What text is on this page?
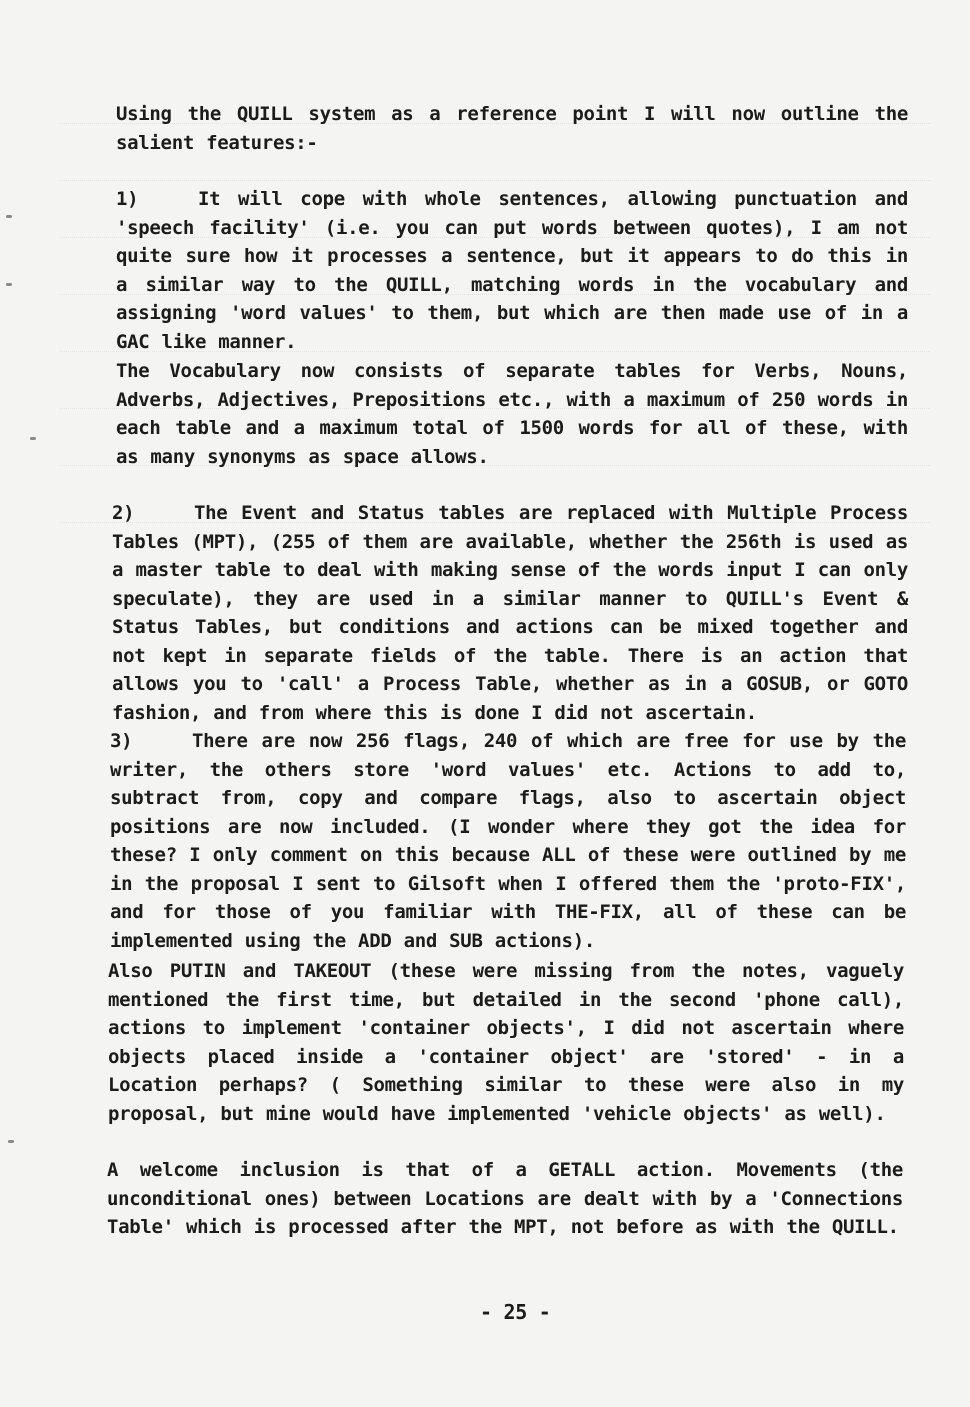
Using the QUILL system as a reference point I will now outline the salient features:-
1)	It will cope with whole sentences, allowing punctuation and 'speech facility' (i.e. you can put words between quotes), I am not quite sure how it processes a sentence, but it appears to do this in a similar way to the QUILL, matching words in the vocabulary and assigning 'word values' to them, but which are then made use of in a GAC like manner.
The Vocabulary now consists of separate tables for Verbs, Nouns, Adverbs, Adjectives, Prepositions etc., with a maximum of 250 words in each table and a maximum total of 1500 words for all of these, with as many synonyms as space allows.
2)	The Event and Status tables are replaced with Multiple Process Tables (MPT), (255 of them are available, whether the 256th is used as a master table to deal with making sense of the words input I can only speculate), they are used in a similar manner to QUILL's Event & Status Tables, but conditions and actions can be mixed together and not kept in separate fields of the table. There is an action that allows you to 'call' a Process Table, whether as in a GOSUB, or GOTO fashion, and from where this is done I did not ascertain.
3)	There are now 256 flags, 240 of which are free for use by the writer, the others store 'word values' etc. Actions to add to, subtract from, copy and compare flags, also to ascertain object positions are now included. (I wonder where they got the idea for these? I only comment on this because ALL of these were outlined by me in the proposal I sent to Gilsoft when I offered them the 'proto-FIX', and for those of you familiar with THE-FIX, all of these can be implemented using the ADD and SUB actions).
Also PUTIN and TAKEOUT (these were missing from the notes, vaguely mentioned the first time, but detailed in the second 'phone call), actions to implement 'container objects', I did not ascertain where objects placed inside a 'container object' are 'stored' - in a Location perhaps? ( Something similar to these were also in my proposal, but mine would have implemented 'vehicle objects' as well).
A welcome inclusion is that of a GETALL action. Movements (the unconditional ones) between Locations are dealt with by a 'Connections Table' which is processed after the MPT, not before as with the QUILL.
- 25 -
